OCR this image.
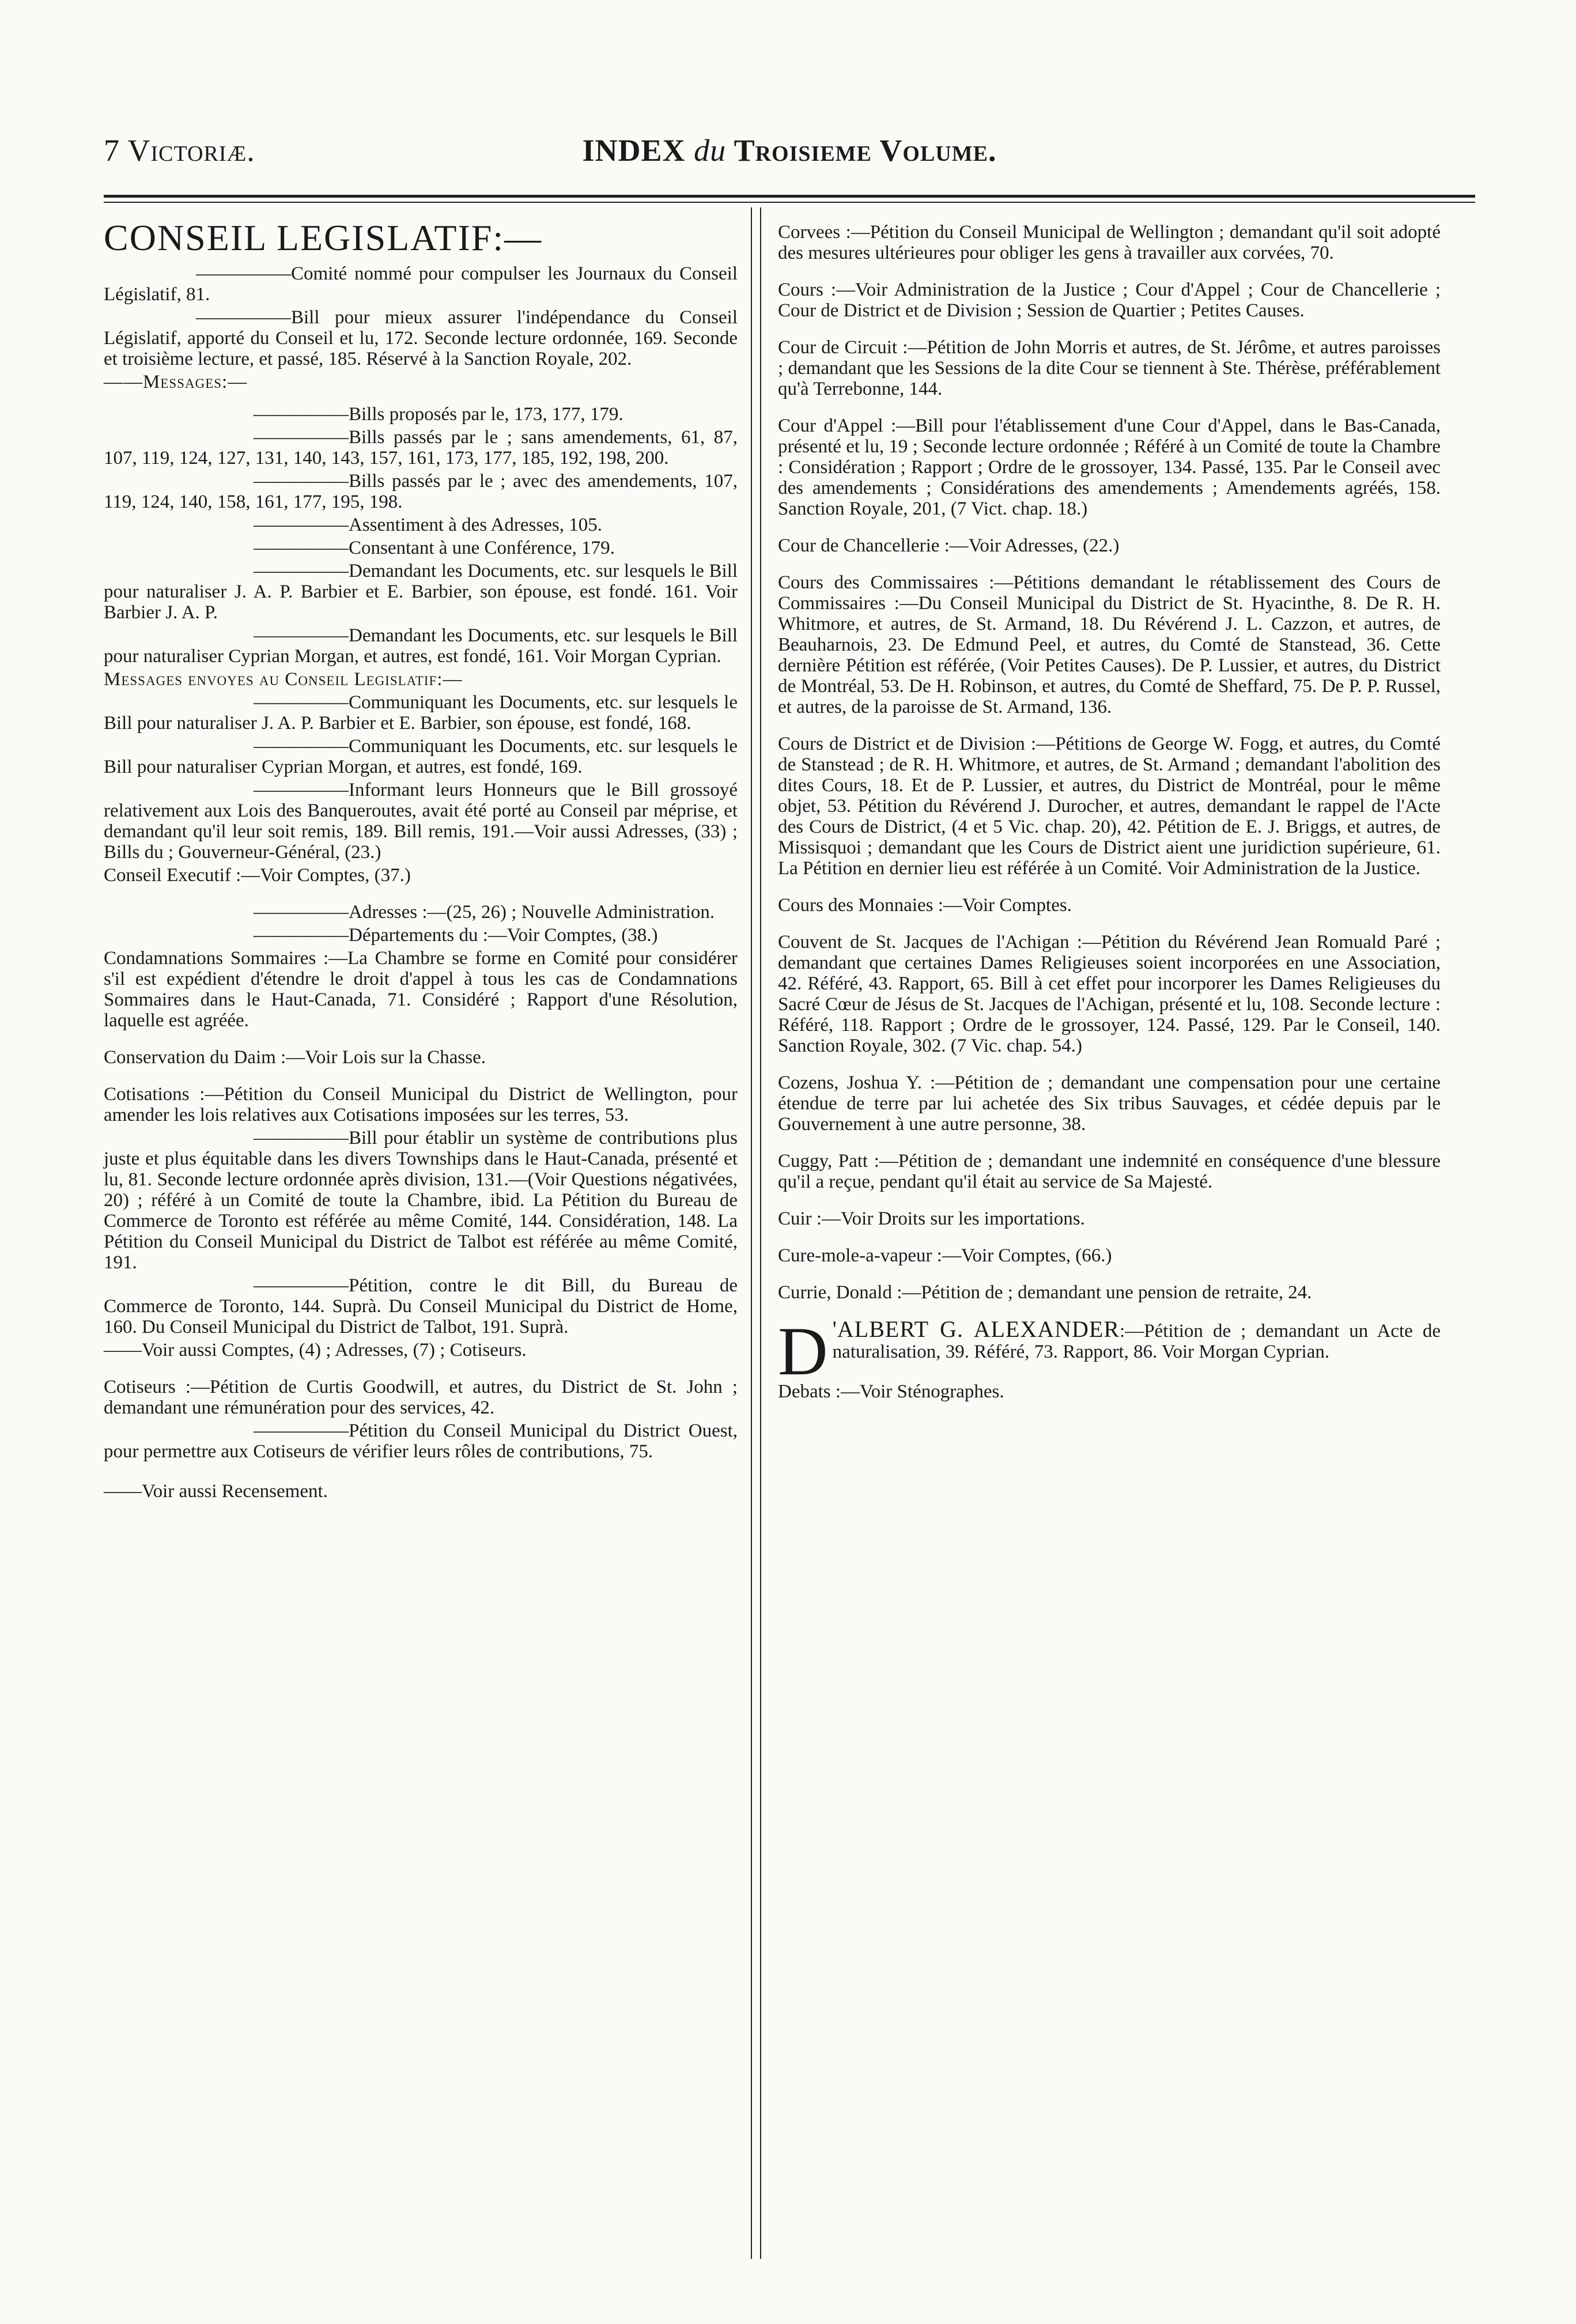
7 Victoriæ.	INDEX du Troisieme Volume.
CONSEIL LEGISLATIF:—

—————Comité nommé pour compulser les Journaux du Conseil Législatif, 81.

—————Bill pour mieux assurer l'indépendance du Conseil Législatif, apporté du Conseil et lu, 172. Seconde lecture ordonnée, 169. Seconde et troisième lecture, et passé, 185. Réservé à la Sanction Royale, 202.

——Messages:—

—————Bills proposés par le, 173, 177, 179.

—————Bills passés par le ; sans amendements, 61, 87, 107, 119, 124, 127, 131, 140, 143, 157, 161, 173, 177, 185, 192, 198, 200.

—————Bills passés par le ; avec des amendements, 107, 119, 124, 140, 158, 161, 177, 195, 198.

—————Assentiment à des Adresses, 105.

—————Consentant à une Conférence, 179.

—————Demandant les Documents, etc. sur lesquels le Bill pour naturaliser J. A. P. Barbier et E. Barbier, son épouse, est fondé. 161. Voir Barbier J. A. P.

—————Demandant les Documents, etc. sur lesquels le Bill pour naturaliser Cyprian Morgan, et autres, est fondé, 161. Voir Morgan Cyprian.

Messages envoyes au Conseil Legislatif:—

—————Communiquant les Documents, etc. sur lesquels le Bill pour naturaliser J. A. P. Barbier et E. Barbier, son épouse, est fondé, 168.

—————Communiquant les Documents, etc. sur lesquels le Bill pour naturaliser Cyprian Morgan, et autres, est fondé, 169.

—————Informant leurs Honneurs que le Bill grossoyé relativement aux Lois des Banqueroutes, avait été porté au Conseil par méprise, et demandant qu'il leur soit remis, 189. Bill remis, 191.—Voir aussi Adresses, (33) ; Bills du ; Gouverneur-Général, (23.)

Conseil Executif :—Voir Comptes, (37.)

—————Adresses :—(25, 26) ; Nouvelle Administration.

—————Départements du :—Voir Comptes, (38.)

Condamnations Sommaires :—La Chambre se forme en Comité pour considérer s'il est expédient d'étendre le droit d'appel à tous les cas de Condamnations Sommaires dans le Haut-Canada, 71. Considéré ; Rapport d'une Résolution, laquelle est agréée.

Conservation du Daim :—Voir Lois sur la Chasse.

Cotisations :—Pétition du Conseil Municipal du District de Wellington, pour amender les lois relatives aux Cotisations imposées sur les terres, 53.

—————Bill pour établir un système de contributions plus juste et plus équitable dans les divers Townships dans le Haut-Canada, présenté et lu, 81. Seconde lecture ordonnée après division, 131.—(Voir Questions négativées, 20) ; référé à un Comité de toute la Chambre, ibid. La Pétition du Bureau de Commerce de Toronto est référée au même Comité, 144. Considération, 148. La Pétition du Conseil Municipal du District de Talbot est référée au même Comité, 191.

—————Pétition, contre le dit Bill, du Bureau de Commerce de Toronto, 144. Suprà. Du Conseil Municipal du District de Home, 160. Du Conseil Municipal du District de Talbot, 191. Suprà.

——Voir aussi Comptes, (4) ; Adresses, (7) ; Cotiseurs.

Cotiseurs :—Pétition de Curtis Goodwill, et autres, du District de St. John ; demandant une rémunération pour des services, 42.

—————Pétition du Conseil Municipal du District Ouest, pour permettre aux Cotiseurs de vérifier leurs rôles de contributions, 75.

——Voir aussi Recensement.

Corvees :—Pétition du Conseil Municipal de Wellington ; demandant qu'il soit adopté des mesures ultérieures pour obliger les gens à travailler aux corvées, 70.

Cours :—Voir Administration de la Justice ; Cour d'Appel ; Cour de Chancellerie ; Cour de District et de Division ; Session de Quartier ; Petites Causes.

Cour de Circuit :—Pétition de John Morris et autres, de St. Jérôme, et autres paroisses ; demandant que les Sessions de la dite Cour se tiennent à Ste. Thérèse, préférablement qu'à Terrebonne, 144.

Cour d'Appel :—Bill pour l'établissement d'une Cour d'Appel, dans le Bas-Canada, présenté et lu, 19 ; Seconde lecture ordonnée ; Référé à un Comité de toute la Chambre : Considération ; Rapport ; Ordre de le grossoyer, 134. Passé, 135. Par le Conseil avec des amendements ; Considérations des amendements ; Amendements agréés, 158. Sanction Royale, 201, (7 Vict. chap. 18.)

Cour de Chancellerie :—Voir Adresses, (22.)

Cours des Commissaires :—Pétitions demandant le rétablissement des Cours de Commissaires :—Du Conseil Municipal du District de St. Hyacinthe, 8. De R. H. Whitmore, et autres, de St. Armand, 18. Du Révérend J. L. Cazzon, et autres, de Beauharnois, 23. De Edmund Peel, et autres, du Comté de Stanstead, 36. Cette dernière Pétition est référée, (Voir Petites Causes). De P. Lussier, et autres, du District de Montréal, 53. De H. Robinson, et autres, du Comté de Sheffard, 75. De P. P. Russel, et autres, de la paroisse de St. Armand, 136.

Cours de District et de Division :—Pétitions de George W. Fogg, et autres, du Comté de Stanstead ; de R. H. Whitmore, et autres, de St. Armand ; demandant l'abolition des dites Cours, 18. Et de P. Lussier, et autres, du District de Montréal, pour le même objet, 53. Pétition du Révérend J. Durocher, et autres, demandant le rappel de l'Acte des Cours de District, (4 et 5 Vic. chap. 20), 42. Pétition de E. J. Briggs, et autres, de Missisquoi ; demandant que les Cours de District aient une juridiction supérieure, 61. La Pétition en dernier lieu est référée à un Comité. Voir Administration de la Justice.

Cours des Monnaies :—Voir Comptes.

Couvent de St. Jacques de l'Achigan :—Pétition du Révérend Jean Romuald Paré ; demandant que certaines Dames Religieuses soient incorporées en une Association, 42. Référé, 43. Rapport, 65. Bill à cet effet pour incorporer les Dames Religieuses du Sacré Cœur de Jésus de St. Jacques de l'Achigan, présenté et lu, 108. Seconde lecture : Référé, 118. Rapport ; Ordre de le grossoyer, 124. Passé, 129. Par le Conseil, 140. Sanction Royale, 302. (7 Vic. chap. 54.)

Cozens, Joshua Y. :—Pétition de ; demandant une compensation pour une certaine étendue de terre par lui achetée des Six tribus Sauvages, et cédée depuis par le Gouvernement à une autre personne, 38.

Cuggy, Patt :—Pétition de ; demandant une indemnité en conséquence d'une blessure qu'il a reçue, pendant qu'il était au service de Sa Majesté.

Cuir :—Voir Droits sur les importations.

Cure-mole-a-vapeur :—Voir Comptes, (66.)

Currie, Donald :—Pétition de ; demandant une pension de retraite, 24.

D 'ALBERT G. ALEXANDER:—Pétition de ; demandant un Acte de naturalisation, 39. Référé, 73. Rapport, 86. Voir Morgan Cyprian.

Debats :—Voir Sténographes.
